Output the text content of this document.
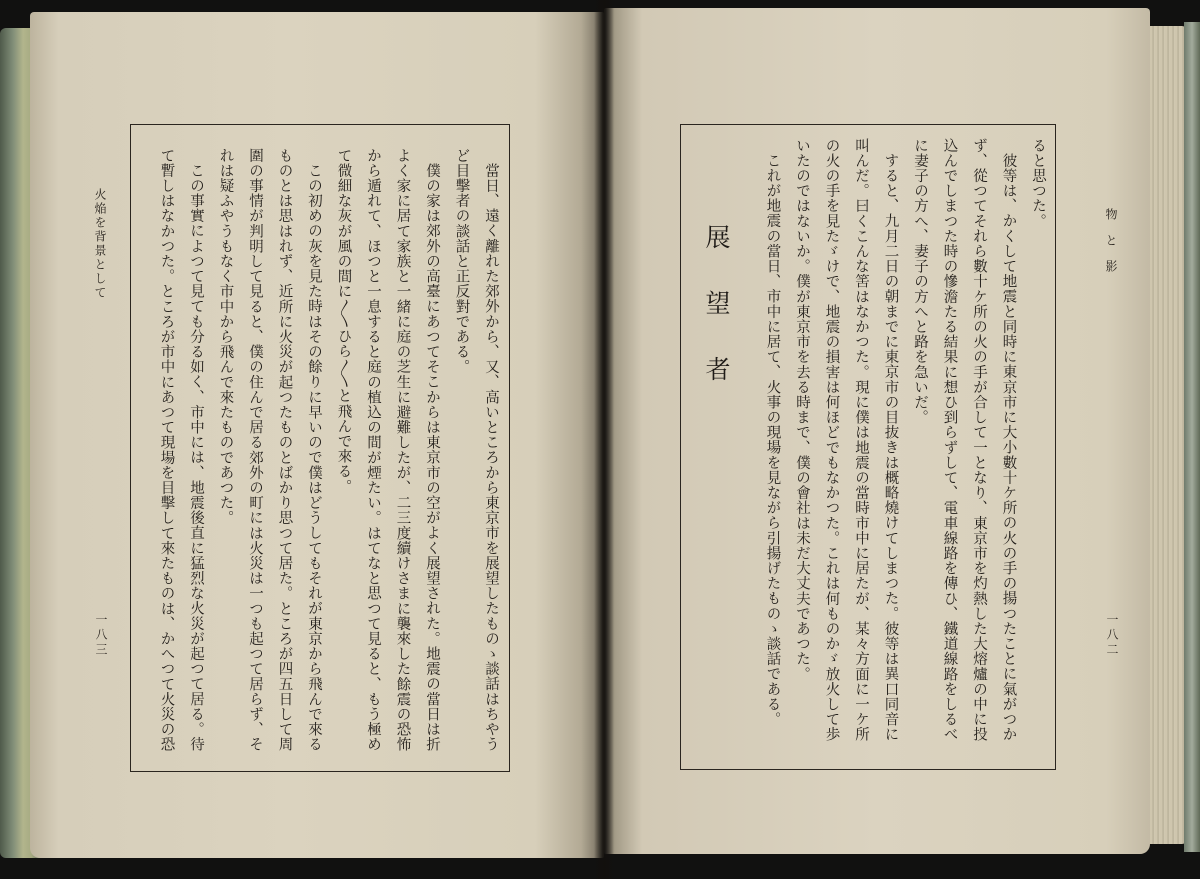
火焔を背景として
一八三	當日、遠く離れた郊外から、又、高いところから東京市を展望したものゝ談話はちやう
ど目擊者の談話と正反對である。
僕の家は郊外の高臺にあつてそこからは東京市の空がよく展望された。地震の當日は折
よく家に居て家族と一緒に庭の芝生に避難したが、二三度續けさまに襲來した餘震の恐怖
から遁れて、ほつと一息すると庭の植込の間が煙たい。はてなと思つて見ると、もう極め
て微細な灰が風の間に〳〵ひら〳〵と飛んで來る。
この初めの灰を見た時はその餘りに早いので僕はどうしてもそれが東京から飛んで來る
ものとは思はれず、近所に火災が起つたものとばかり思つて居た。ところが四五日して周
圍の事情が判明して見ると、僕の住んで居る郊外の町には火災は一つも起つて居らず、そ
れは疑ふやうもなく市中から飛んで來たものであつた。
この事實によつて見ても分る如く、市中には、地震後直に猛烈な火災が起つて居る。待
て暫しはなかつた。ところが市中にあつて現場を目擊して來たものは、かへつて火災の恐	物と影
一八二
展望者
ると思つた。
彼等は、かくして地震と同時に東京市に大小數十ケ所の火の手の揚つたことに氣がつか
ず、從つてそれら數十ケ所の火の手が合して一となり、東京市を灼熱した大熔爐の中に投
込んでしまつた時の慘澹たる結果に想ひ到らずして、電車線路を傳ひ、鐵道線路をしるべ
に妻子の方へ、妻子の方へと路を急いだ。
すると、九月二日の朝までに東京市の目抜きは概略燒けてしまつた。彼等は異口同音に
叫んだ。曰くこんな筈はなかつた。現に僕は地震の當時市中に居たが、某々方面に一ケ所
の火の手を見たゞけで、地震の損害は何ほどでもなかつた。これは何ものかゞ放火して歩
いたのではないか。僕が東京市を去る時まで、僕の會社は未だ大丈夫であつた。
これが地震の當日、市中に居て、火事の現場を見ながら引揚げたものゝ談話である。
